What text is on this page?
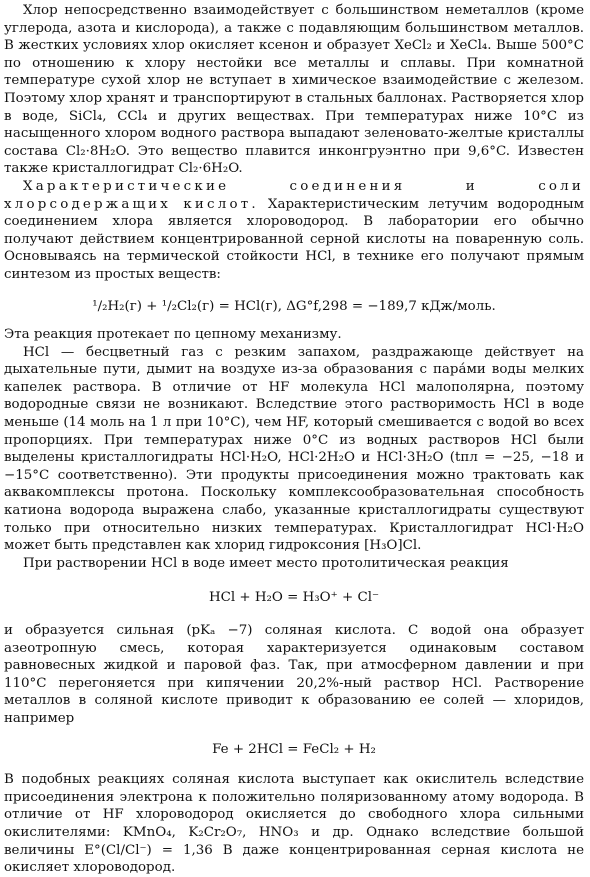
Хлор непосредственно взаимодействует с большинством неметаллов (кроме углерода, азота и кислорода), а также с подавляющим большинством металлов. В жестких условиях хлор окисляет ксенон и образует XeCl₂ и XeCl₄. Выше 500°C по отношению к хлору нестойки все металлы и сплавы. При комнатной температуре сухой хлор не вступает в химическое взаимодействие с железом. Поэтому хлор хранят и транспортируют в стальных баллонах. Растворяется хлор в воде, SiCl₄, CCl₄ и других веществах. При температурах ниже 10°C из насыщенного хлором водного раствора выпадают зеленовато-желтые кристаллы состава Cl₂·8H₂O. Это вещество плавится инконгруэнтно при 9,6°C. Известен также кристаллогидрат Cl₂·6H₂O.

Характеристические соединения и соли хлорсодержащих кислот. Характеристическим летучим водородным соединением хлора является хлороводород. В лаборатории его обычно получают действием концентрированной серной кислоты на поваренную соль. Основываясь на термической стойкости HCl, в технике его получают прямым синтезом из простых веществ:

¹/₂H₂(г) + ¹/₂Cl₂(г) = HCl(г), ΔG°f,298 = −189,7 кДж/моль.

Эта реакция протекает по цепному механизму.

HCl — бесцветный газ с резким запахом, раздражающе действует на дыхательные пути, дымит на воздухе из-за образования с пара́ми воды мелких капелек раствора. В отличие от HF молекула HCl малополярна, поэтому водородные связи не возникают. Вследствие этого растворимость HCl в воде меньше (14 моль на 1 л при 10°C), чем HF, который смешивается с водой во всех пропорциях. При температурах ниже 0°C из водных растворов HCl были выделены кристаллогидраты HCl·H₂O, HCl·2H₂O и HCl·3H₂O (tпл = −25, −18 и −15°C соответственно). Эти продукты присоединения можно трактовать как аквакомплексы протона. Поскольку комплексообразовательная способность катиона водорода выражена слабо, указанные кристаллогидраты существуют только при относительно низких температурах. Кристаллогидрат HCl·H₂O может быть представлен как хлорид гидроксония [H₃O]Cl.

При растворении HCl в воде имеет место протолитическая реакция

HCl + H₂O = H₃O⁺ + Cl⁻

и образуется сильная (pKₐ −7) соляная кислота. С водой она образует азеотропную смесь, которая характеризуется одинаковым составом равновесных жидкой и паровой фаз. Так, при атмосферном давлении и при 110°C перегоняется при кипячении 20,2%-ный раствор HCl. Растворение металлов в соляной кислоте приводит к образованию ее солей — хлоридов, например

Fe + 2HCl = FeCl₂ + H₂

В подобных реакциях соляная кислота выступает как окислитель вследствие присоединения электрона к положительно поляризованному атому водорода. В отличие от HF хлороводород окисляется до свободного хлора сильными окислителями: KMnO₄, K₂Cr₂O₇, HNO₃ и др. Однако вследствие большой величины E°(Cl/Cl⁻) = 1,36 В даже концентрированная серная кислота не окисляет хлороводород.
